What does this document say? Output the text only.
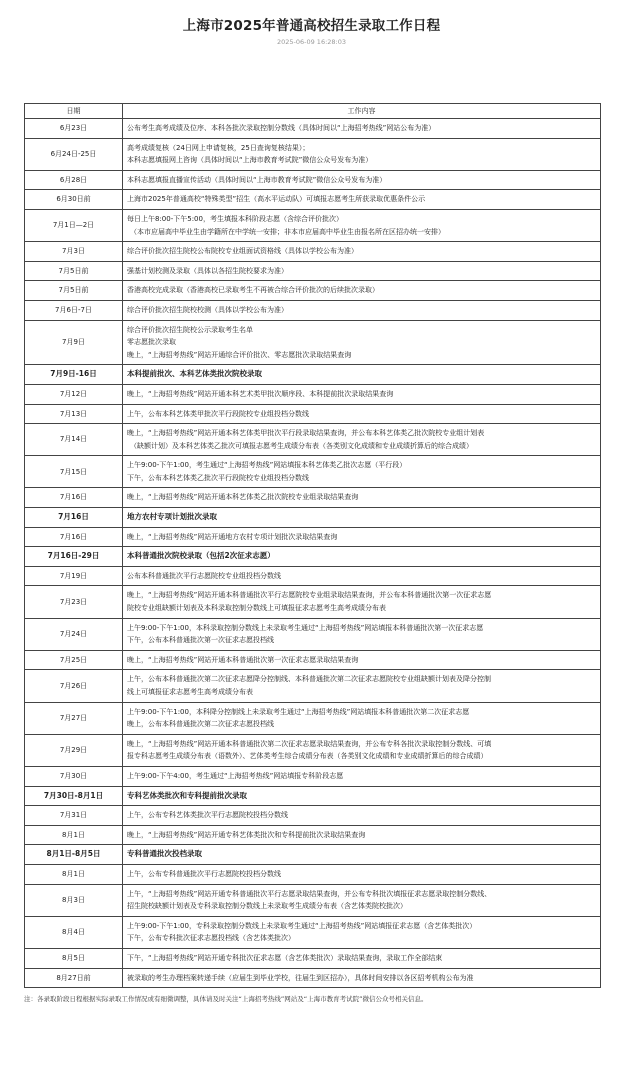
上海市2025年普通高校招生录取工作日程
2025-06-09 16:28:03
日期	工作内容
6月23日	公布考生高考成绩及位序、本科各批次录取控制分数线（具体时间以“上海招考热线”网站公布为准）

6月24日-25日	高考成绩复核（24日网上申请复核，25日查询复核结果）；
本科志愿填报网上咨询（具体时间以“上海市教育考试院”微信公众号发布为准）

6月28日	本科志愿填报直播宣传活动（具体时间以“上海市教育考试院”微信公众号发布为准）

6月30日前	上海市2025年普通高校“特殊类型”招生（高水平运动队）可填报志愿考生所获录取优惠条件公示

7月1日—2日	每日上午8:00-下午5:00，考生填报本科阶段志愿（含综合评价批次）
（本市应届高中毕业生由学籍所在中学统一安排；非本市应届高中毕业生由报名所在区招办统一安排）

7月3日	综合评价批次招生院校公布院校专业组面试资格线（具体以学校公布为准）

7月5日前	强基计划校测及录取（具体以各招生院校要求为准）

7月5日前	香港高校完成录取（香港高校已录取考生不再被合综合评价批次的后续批次录取）

7月6日-7日	综合评价批次招生院校校测（具体以学校公布为准）

7月9日	综合评价批次招生院校公示录取考生名单
零志愿批次录取
晚上，“上海招考热线”网站开通综合评价批次、零志愿批次录取结果查询

7月9日-16日	本科提前批次、本科艺体类批次院校录取

7月12日	晚上，“上海招考热线”网站开通本科艺术类甲批次顺序段、本科提前批次录取结果查询

7月13日	上午，公布本科艺体类甲批次平行段院校专业组投档分数线

7月14日	晚上，“上海招考热线”网站开通本科艺体类甲批次平行段录取结果查询，并公布本科艺体类乙批次院校专业组计划表
（缺额计划）及本科艺体类乙批次可填报志愿考生成绩分布表（各类别文化成绩和专业成绩折算后的综合成绩）

7月15日	上午9:00-下午1:00，考生通过“上海招考热线”网站填报本科艺体类乙批次志愿（平行段）
下午，公布本科艺体类乙批次平行段院校专业组投档分数线

7月16日	晚上，“上海招考热线”网站开通本科艺体类乙批次院校专业组录取结果查询

7月16日	地方农村专项计划批次录取

7月16日	晚上，“上海招考热线”网站开通地方农村专项计划批次录取结果查询

7月16日-29日	本科普通批次院校录取（包括2次征求志愿）

7月19日	公布本科普通批次平行志愿院校专业组投档分数线

7月23日	晚上，“上海招考热线”网站开通本科普通批次平行志愿院校专业组录取结果查询，并公布本科普通批次第一次征求志愿
院校专业组缺额计划表及本科录取控制分数线上可填报征求志愿考生高考成绩分布表

7月24日	上午9:00-下午1:00，本科录取控制分数线上未录取考生通过“上海招考热线”网站填报本科普通批次第一次征求志愿
下午，公布本科普通批次第一次征求志愿投档线

7月25日	晚上，“上海招考热线”网站开通本科普通批次第一次征求志愿录取结果查询

7月26日	上午，公布本科普通批次第二次征求志愿降分控制线、本科普通批次第二次征求志愿院校专业组缺额计划表及降分控制
线上可填报征求志愿考生高考成绩分布表

7月27日	上午9:00-下午1:00，本科降分控制线上未录取考生通过“上海招考热线”网站填报本科普通批次第二次征求志愿
晚上，公布本科普通批次第二次征求志愿投档线

7月29日	晚上，“上海招考热线”网站开通本科普通批次第二次征求志愿录取结果查询，并公布专科各批次录取控制分数线、可填
报专科志愿考生成绩分布表（语数外）、艺体类考生综合成绩分布表（各类别文化成绩和专业成绩折算后的综合成绩）

7月30日	上午9:00-下午4:00，考生通过“上海招考热线”网站填报专科阶段志愿

7月30日-8月1日	专科艺体类批次和专科提前批次录取

7月31日	上午，公布专科艺体类批次平行志愿院校投档分数线

8月1日	晚上，“上海招考热线”网站开通专科艺体类批次和专科提前批次录取结果查询

8月1日-8月5日	专科普通批次投档录取

8月1日	上午，公布专科普通批次平行志愿院校投档分数线

8月3日	上午，“上海招考热线”网站开通专科普通批次平行志愿录取结果查询，并公布专科批次填报征求志愿录取控制分数线、
招生院校缺额计划表及专科录取控制分数线上未录取考生成绩分布表（含艺体类院校批次）

8月4日	上午9:00-下午1:00，专科录取控制分数线上未录取考生通过“上海招考热线”网站填报征求志愿（含艺体类批次）
下午，公布专科批次征求志愿投档线（含艺体类批次）

8月5日	下午，“上海招考热线”网站开通专科批次征求志愿（含艺体类批次）录取结果查询，录取工作全部结束

8月27日前	被录取的考生办理档案转递手续（应届生到毕业学校，往届生到区招办），具体时间安排以各区招考机构公布为准
注：各录取阶段日程根据实际录取工作情况或有细微调整，具体请及时关注“上海招考热线”网站及“上海市教育考试院”微信公众号相关信息。
